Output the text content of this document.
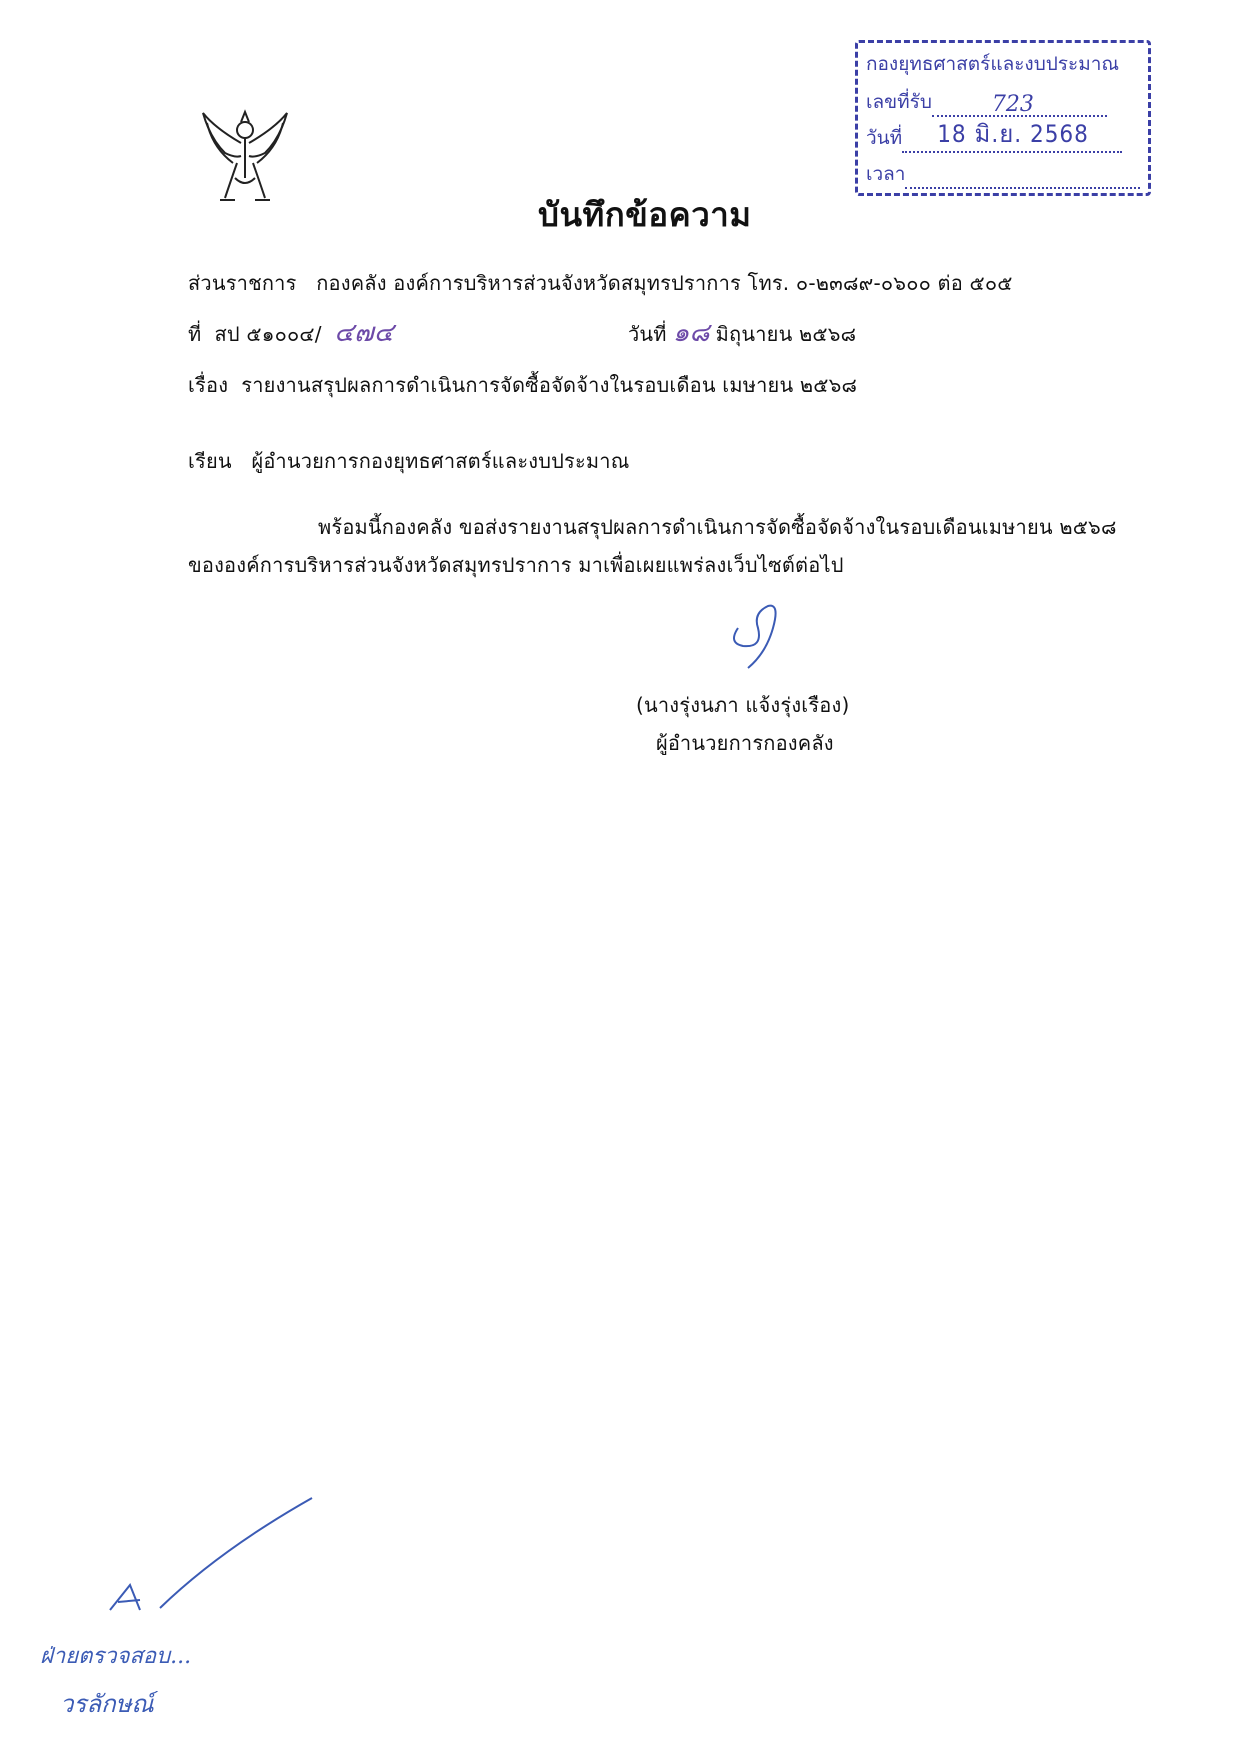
กองยุทธศาสตร์และงบประมาณ
เลขที่รับ	723
วันที่ 18 มิ.ย. 2568
เวลา
บันทึกข้อความ
ส่วนราชการ กองคลัง องค์การบริหารส่วนจังหวัดสมุทรปราการ โทร. ๐-๒๓๘๙-๐๖๐๐ ต่อ ๕๐๕
ที่ สป ๕๑๐๐๔/ ๔๗๔	วันที่ ๑๘ มิถุนายน ๒๕๖๘
เรื่อง รายงานสรุปผลการดำเนินการจัดซื้อจัดจ้างในรอบเดือน เมษายน ๒๕๖๘
เรียน ผู้อำนวยการกองยุทธศาสตร์และงบประมาณ
พร้อมนี้กองคลัง ขอส่งรายงานสรุปผลการดำเนินการจัดซื้อจัดจ้างในรอบเดือนเมษายน ๒๕๖๘
ขององค์การบริหารส่วนจังหวัดสมุทรปราการ มาเพื่อเผยแพร่ลงเว็บไซต์ต่อไป
(นางรุ่งนภา แจ้งรุ่งเรือง)
ผู้อำนวยการกองคลัง
ฝ่ายตรวจสอบ...
วรลักษณ์
